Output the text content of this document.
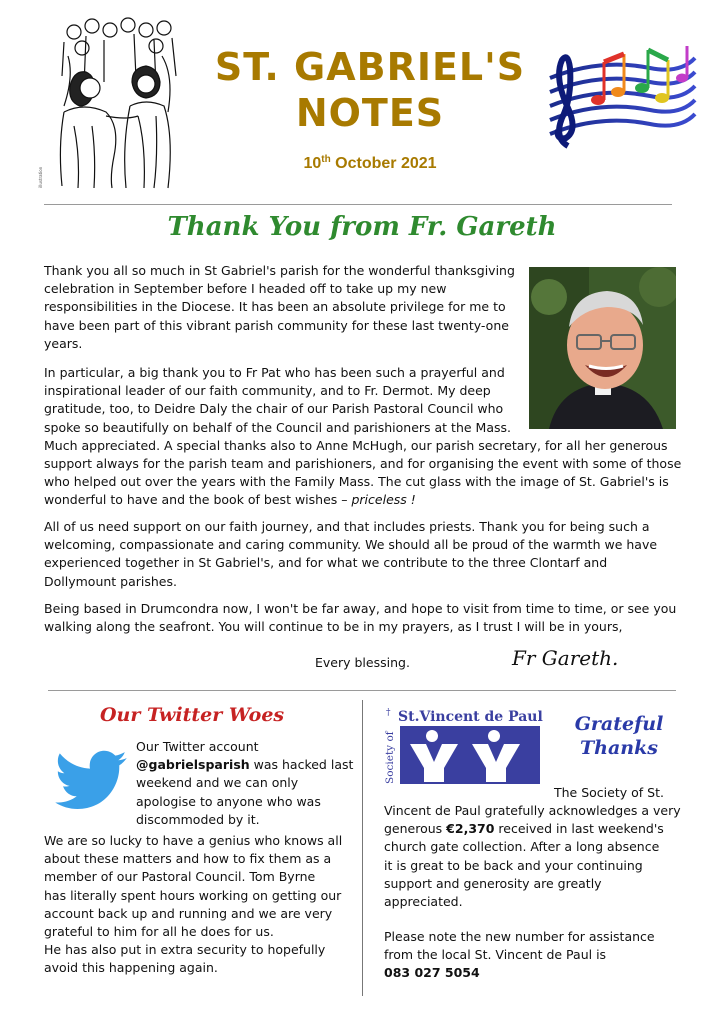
illustration
ST. GABRIEL'S
NOTES
10th October 2021
Thank You from Fr. Gareth
Thank you all so much in St Gabriel's parish for the wonderful thanksgiving
celebration in September before I headed off to take up my new
responsibilities in the Diocese. It has been an absolute privilege for me to
have been part of this vibrant parish community for these last twenty-one
years.
In particular, a big thank you to Fr Pat who has been such a prayerful and
inspirational leader of our faith community, and to Fr. Dermot. My deep
gratitude, too, to Deidre Daly the chair of our Parish Pastoral Council who
spoke so beautifully on behalf of the Council and parishioners at the Mass.
Much appreciated. A special thanks also to Anne McHugh, our parish secretary, for all her generous
support always for the parish team and parishioners, and for organising the event with some of those
who helped out over the years with the Family Mass. The cut glass with the image of St. Gabriel's is
wonderful to have and the book of best wishes – priceless !
All of us need support on our faith journey, and that includes priests. Thank you for being such a
welcoming, compassionate and caring community. We should all be proud of the warmth we have
experienced together in St Gabriel's, and for what we contribute to the three Clontarf and
Dollymount parishes.
Being based in Drumcondra now, I won't be far away, and hope to visit from time to time, or see you
walking along the seafront. You will continue to be in my prayers, as I trust I will be in yours,
Every blessing.	Fr Gareth.
Our Twitter Woes
Our Twitter account
@gabrielsparish was hacked last
weekend and we can only
apologise to anyone who was
discommoded by it.
We are so lucky to have a genius who knows all
about these matters and how to fix them as a
member of our Pastoral Council. Tom Byrne
has literally spent hours working on getting our
account back up and running and we are very
grateful to him for all he does for us.
He has also put in extra security to hopefully
avoid this happening again.
Society of
† St.Vincent de Paul	Grateful
Thanks
The Society of St.
Vincent de Paul gratefully acknowledges a very
generous €2,370 received in last weekend's
church gate collection. After a long absence
it is great to be back and your continuing
support and generosity are greatly
appreciated.
Please note the new number for assistance
from the local St. Vincent de Paul is
083 027 5054
